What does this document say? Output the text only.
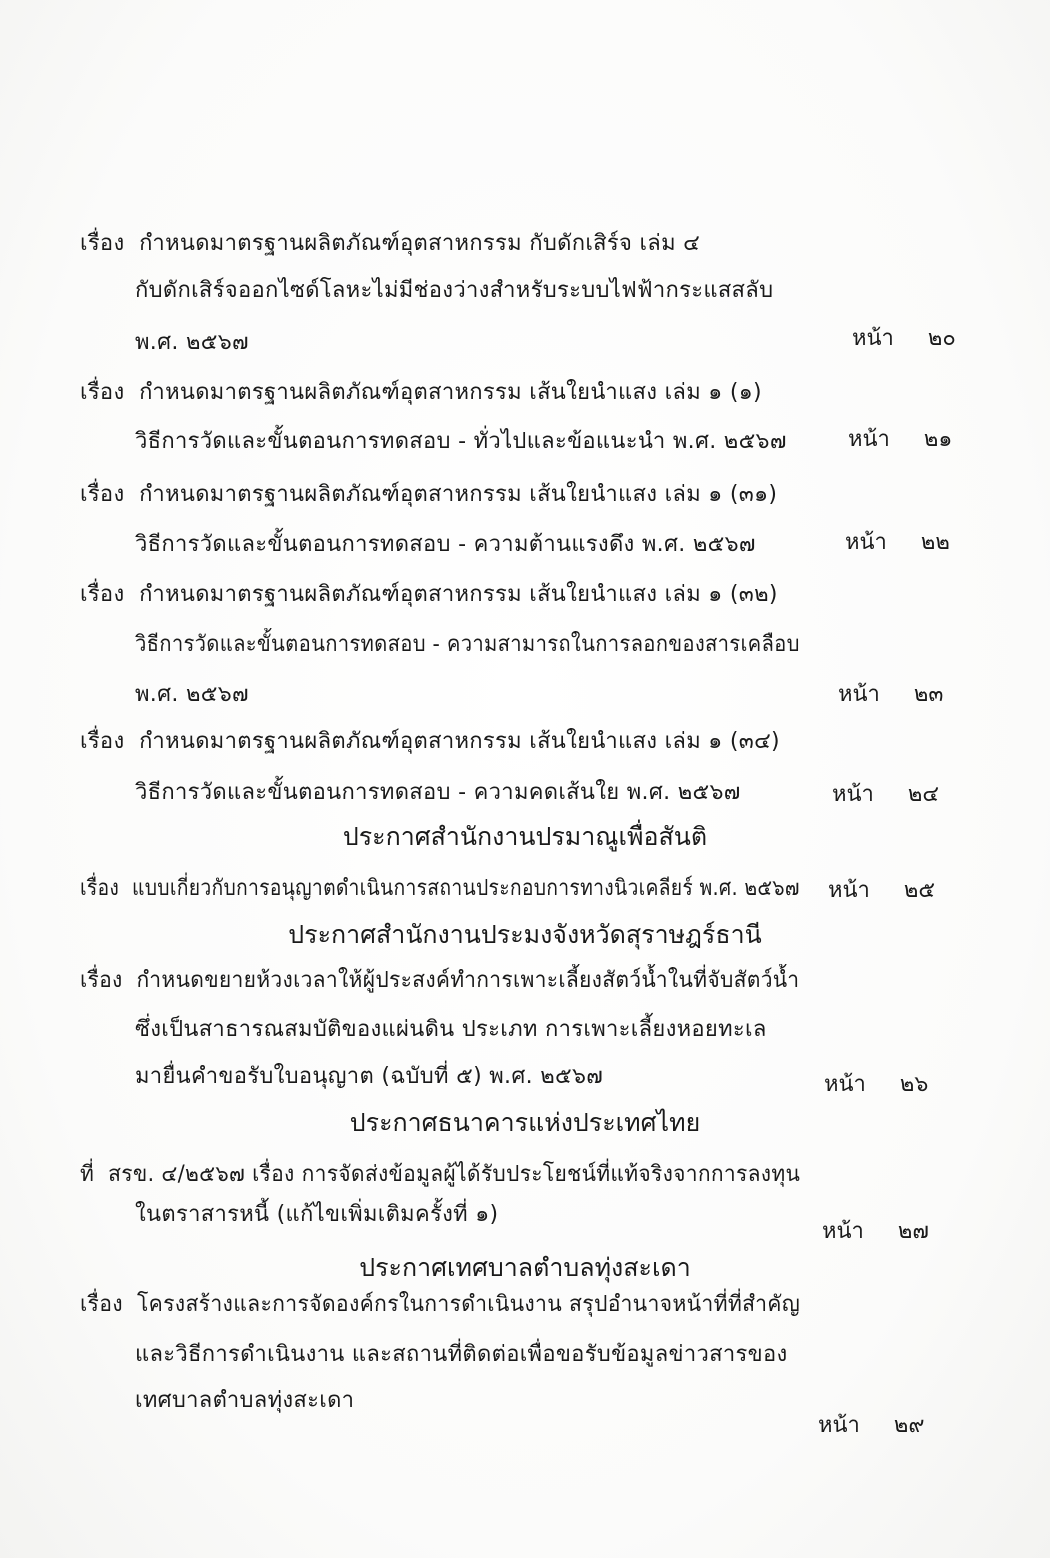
เรื่อง กำหนดมาตรฐานผลิตภัณฑ์อุตสาหกรรม กับดักเสิร์จ เล่ม ๔
กับดักเสิร์จออกไซด์โลหะไม่มีช่องว่างสำหรับระบบไฟฟ้ากระแสสลับ
พ.ศ. ๒๕๖๗	หน้า ๒๐
เรื่อง กำหนดมาตรฐานผลิตภัณฑ์อุตสาหกรรม เส้นใยนำแสง เล่ม ๑ (๑)
วิธีการวัดและขั้นตอนการทดสอบ - ทั่วไปและข้อแนะนำ พ.ศ. ๒๕๖๗	หน้า ๒๑
เรื่อง กำหนดมาตรฐานผลิตภัณฑ์อุตสาหกรรม เส้นใยนำแสง เล่ม ๑ (๓๑)
วิธีการวัดและขั้นตอนการทดสอบ - ความต้านแรงดึง พ.ศ. ๒๕๖๗	หน้า ๒๒
เรื่อง กำหนดมาตรฐานผลิตภัณฑ์อุตสาหกรรม เส้นใยนำแสง เล่ม ๑ (๓๒)
วิธีการวัดและขั้นตอนการทดสอบ - ความสามารถในการลอกของสารเคลือบ
พ.ศ. ๒๕๖๗	หน้า ๒๓
เรื่อง กำหนดมาตรฐานผลิตภัณฑ์อุตสาหกรรม เส้นใยนำแสง เล่ม ๑ (๓๔)
วิธีการวัดและขั้นตอนการทดสอบ - ความคดเส้นใย พ.ศ. ๒๕๖๗	หน้า ๒๔
ประกาศสำนักงานปรมาณูเพื่อสันติ
เรื่อง แบบเกี่ยวกับการอนุญาตดำเนินการสถานประกอบการทางนิวเคลียร์ พ.ศ. ๒๕๖๗ หน้า ๒๕
ประกาศสำนักงานประมงจังหวัดสุราษฎร์ธานี
เรื่อง กำหนดขยายห้วงเวลาให้ผู้ประสงค์ทำการเพาะเลี้ยงสัตว์น้ำในที่จับสัตว์น้ำ
ซึ่งเป็นสาธารณสมบัติของแผ่นดิน ประเภท การเพาะเลี้ยงหอยทะเล
มายื่นคำขอรับใบอนุญาต (ฉบับที่ ๕) พ.ศ. ๒๕๖๗	หน้า ๒๖
ประกาศธนาคารแห่งประเทศไทย
ที่ สรข. ๔/๒๕๖๗ เรื่อง การจัดส่งข้อมูลผู้ได้รับประโยชน์ที่แท้จริงจากการลงทุน
ในตราสารหนี้ (แก้ไขเพิ่มเติมครั้งที่ ๑)
หน้า ๒๗
ประกาศเทศบาลตำบลทุ่งสะเดา
เรื่อง โครงสร้างและการจัดองค์กรในการดำเนินงาน สรุปอำนาจหน้าที่ที่สำคัญ
และวิธีการดำเนินงาน และสถานที่ติดต่อเพื่อขอรับข้อมูลข่าวสารของ
เทศบาลตำบลทุ่งสะเดา
หน้า ๒๙
